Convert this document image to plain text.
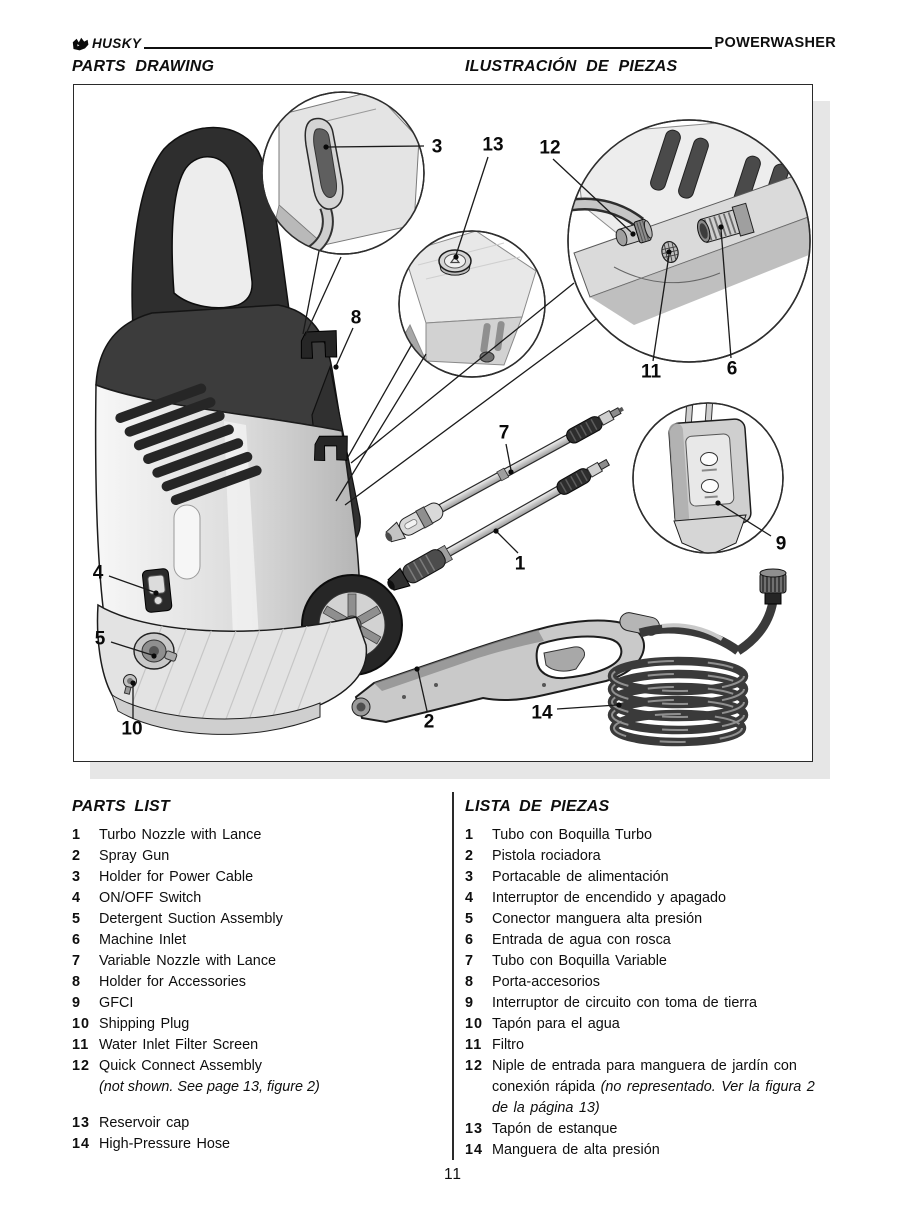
HUSKY	POWERWASHER
PARTS DRAWING	ILUSTRACIÓN DE PIEZAS
3 13 12
8
11	6
7
9
1
4
5
10	2	14
PARTS LIST
1	Turbo Nozzle with Lance
2	Spray Gun
3	Holder for Power Cable
4	ON/OFF Switch
5	Detergent Suction Assembly
6	Machine Inlet
7	Variable Nozzle with Lance
8	Holder for Accessories
9	GFCI
10 Shipping Plug
11 Water Inlet Filter Screen
12 Quick Connect Assembly
(not shown. See page 13, figure 2)
13 Reservoir cap
14 High-Pressure Hose
LISTA DE PIEZAS
1	Tubo con Boquilla Turbo
2	Pistola rociadora
3	Portacable de alimentación
4	Interruptor de encendido y apagado
5	Conector manguera alta presión
6	Entrada de agua con rosca
7	Tubo con Boquilla Variable
8	Porta-accesorios
9	Interruptor de circuito con toma de tierra
10 Tapón para el agua
11 Filtro
12 Niple de entrada para manguera de jardín con conexión rápida (no representado. Ver la figura 2 de la página 13)
13 Tapón de estanque
14 Manguera de alta presión
11
